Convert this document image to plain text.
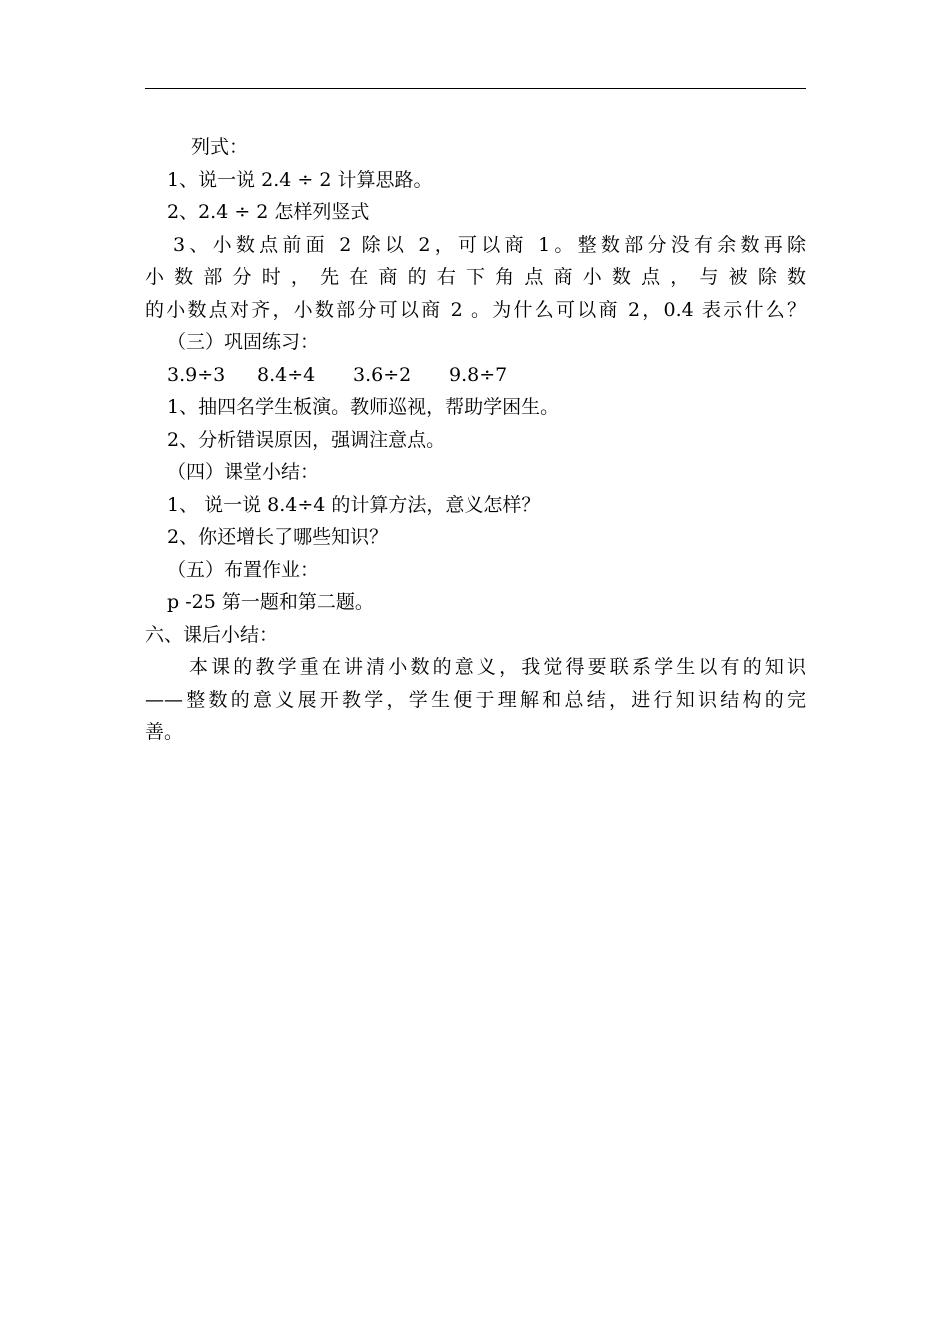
列式：
1、说一说 2.4 ÷ 2 计算思路。
2、2.4 ÷ 2 怎样列竖式
3、小数点前面 2 除以 2，可以商 1。整数部分没有余数再除
小 数 部 分 时 ， 先 在 商 的 右 下 角 点 商 小 数 点 ， 与 被 除 数
的小数点对齐，小数部分可以商 2 。为什么可以商 2，0.4 表示什么？
（三）巩固练习：
3.9÷3	8.4÷4	3.6÷2	9.8÷7
1、抽四名学生板演。教师巡视，帮助学困生。
2、分析错误原因，强调注意点。
（四）课堂小结：
1、 说一说 8.4÷4 的计算方法，意义怎样？
2、你还增长了哪些知识？
（五）布置作业：
p -25 第一题和第二题。
六、课后小结：
本课的教学重在讲清小数的意义，我觉得要联系学生以有的知识
——整数的意义展开教学，学生便于理解和总结，进行知识结构的完
善。
